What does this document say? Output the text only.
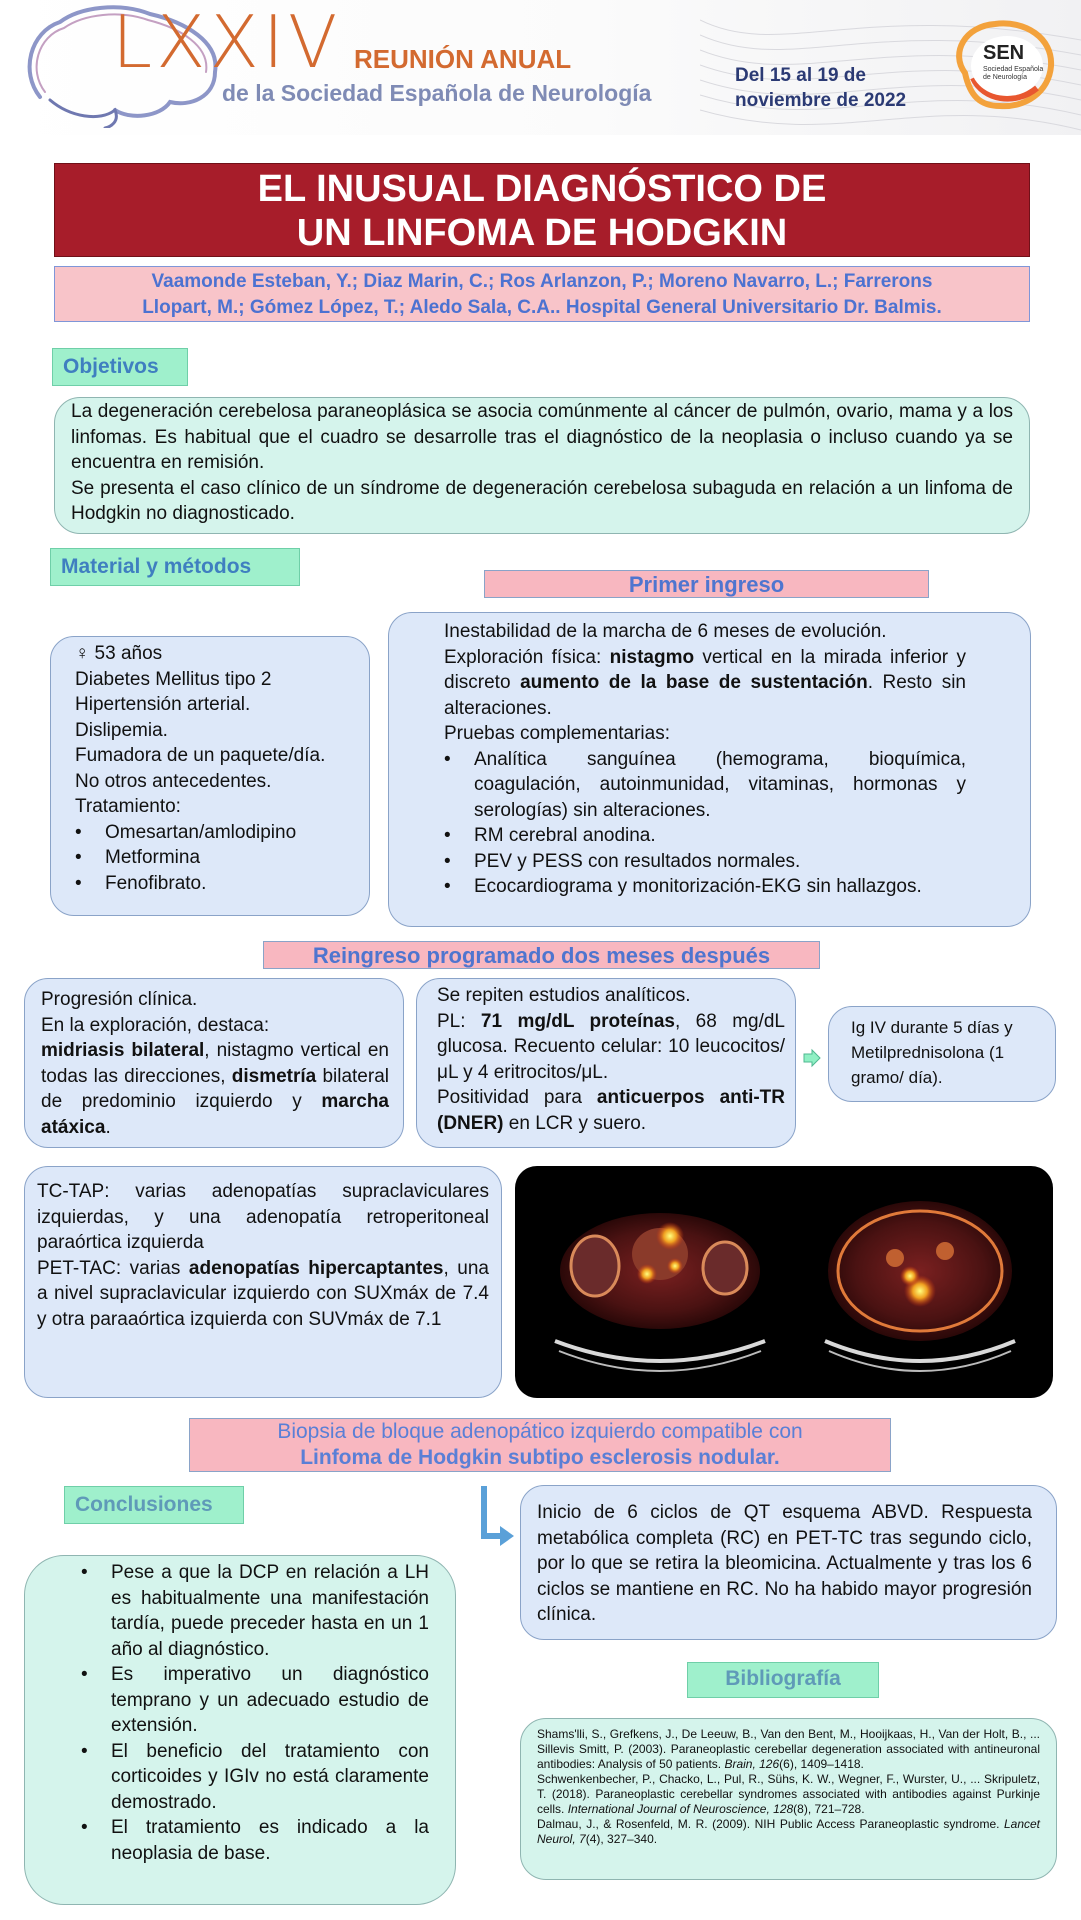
LXXIV REUNIÓN ANUAL
de la Sociedad Española de Neurología
Del 15 al 19 de
noviembre de 2022
SEN
Sociedad Española
de Neurología
EL INUSUAL DIAGNÓSTICO DE
UN LINFOMA DE HODGKIN
Vaamonde Esteban, Y.; Diaz Marin, C.; Ros Arlanzon, P.; Moreno Navarro, L.; Farrerons
Llopart, M.; Gómez López, T.; Aledo Sala, C.A.. Hospital General Universitario Dr. Balmis.
Objetivos
La degeneración cerebelosa paraneoplásica se asocia comúnmente al cáncer de pulmón, ovario, mama y a los linfomas. Es habitual que el cuadro se desarrolle tras el diagnóstico de la neoplasia o incluso cuando ya se encuentra en remisión.
Se presenta el caso clínico de un síndrome de degeneración cerebelosa subaguda en relación a un linfoma de Hodgkin no diagnosticado.
Material y métodos
♀ 53 años
Diabetes Mellitus tipo 2
Hipertensión arterial.
Dislipemia.
Fumadora de un paquete/día.
No otros antecedentes.
Tratamiento:
• Omesartan/amlodipino
• Metformina
• Fenofibrato.
Primer ingreso
Inestabilidad de la marcha de 6 meses de evolución.
Exploración física: nistagmo vertical en la mirada inferior y discreto aumento de la base de sustentación. Resto sin alteraciones.
Pruebas complementarias:
• Analítica sanguínea (hemograma, bioquímica, coagulación, autoinmunidad, vitaminas, hormonas y serologías) sin alteraciones.
• RM cerebral anodina.
• PEV y PESS con resultados normales.
• Ecocardiograma y monitorización-EKG sin hallazgos.
Reingreso programado dos meses después
Progresión clínica.
En la exploración, destaca:
midriasis bilateral, nistagmo vertical en todas las direcciones, dismetría bilateral de predominio izquierdo y marcha atáxica.
Se repiten estudios analíticos.
PL: 71 mg/dL proteínas, 68 mg/dL glucosa. Recuento celular: 10 leucocitos/μL y 4 eritrocitos/μL.
Positividad para anticuerpos anti-TR (DNER) en LCR y suero.
Ig IV durante 5 días y Metilprednisolona (1 gramo/ día).
TC-TAP: varias adenopatías supraclaviculares izquierdas, y una adenopatía retroperitoneal paraórtica izquierda
PET-TAC: varias adenopatías hipercaptantes, una a nivel supraclavicular izquierdo con SUXmáx de 7.4 y otra paraaórtica izquierda con SUVmáx de 7.1
Biopsia de bloque adenopático izquierdo compatible con
Linfoma de Hodgkin subtipo esclerosis nodular.
Conclusiones
• Pese a que la DCP en relación a LH es habitualmente una manifestación tardía, puede preceder hasta en un 1 año al diagnóstico.
• Es imperativo un diagnóstico temprano y un adecuado estudio de extensión.
• El beneficio del tratamiento con corticoides y IGIv no está claramente demostrado.
• El tratamiento es indicado a la neoplasia de base.
Inicio de 6 ciclos de QT esquema ABVD. Respuesta metabólica completa (RC) en PET-TC tras segundo ciclo, por lo que se retira la bleomicina. Actualmente y tras los 6 ciclos se mantiene en RC. No ha habido mayor progresión clínica.
Bibliografía
Shams'lli, S., Grefkens, J., De Leeuw, B., Van den Bent, M., Hooijkaas, H., Van der Holt, B., ... Sillevis Smitt, P. (2003). Paraneoplastic cerebellar degeneration associated with antineuronal antibodies: Analysis of 50 patients. Brain, 126(6), 1409–1418.
Schwenkenbecher, P., Chacko, L., Pul, R., Sühs, K. W., Wegner, F., Wurster, U., ... Skripuletz, T. (2018). Paraneoplastic cerebellar syndromes associated with antibodies against Purkinje cells. International Journal of Neuroscience, 128(8), 721–728.
Dalmau, J., & Rosenfeld, M. R. (2009). NIH Public Access Paraneoplastic syndrome. Lancet Neurol, 7(4), 327–340.
